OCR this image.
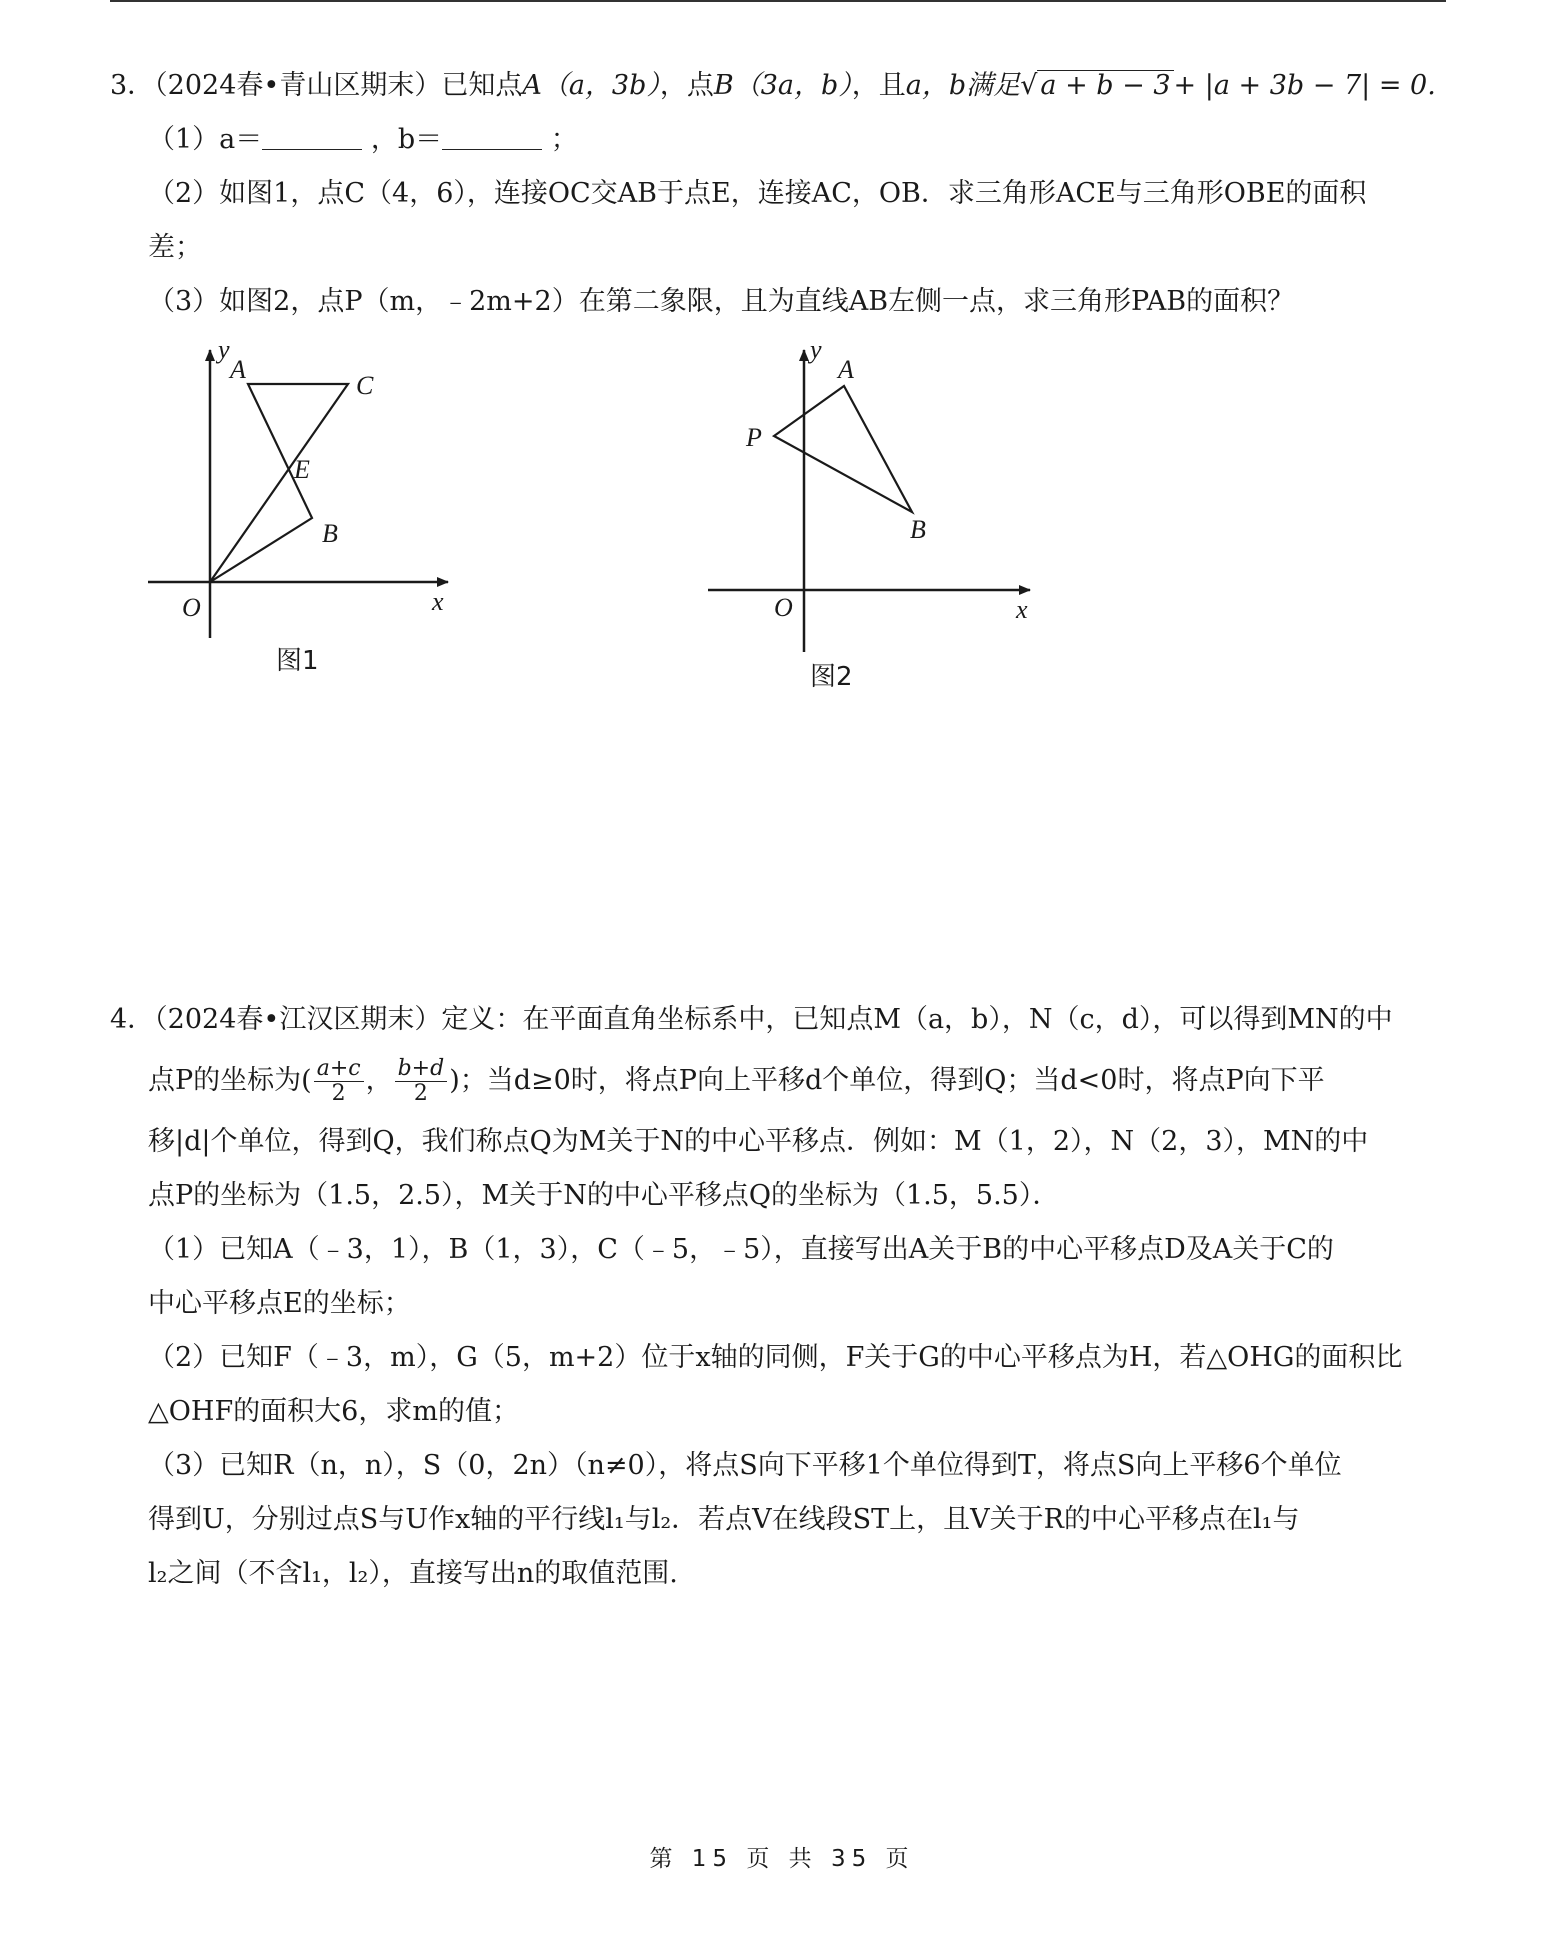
3．（2024春•青山区期末）已知点A（a，3b），点B（3a，b），且a，b满足√ a + b − 3 + |a + 3b − 7| = 0.
（1）a＝	，b＝	；
（2）如图1，点C（4，6），连接OC交AB于点E，连接AC，OB．求三角形ACE与三角形OBE的面积
差；
（3）如图2，点P（m，﹣2m+2）在第二象限，且为直线AB左侧一点，求三角形PAB的面积？
y
x
O
A
C
E
B
图1
y
x
O
A
P
B
图2
4．（2024春•江汉区期末）定义：在平面直角坐标系中，已知点M（a，b），N（c，d），可以得到MN的中
点P的坐标为( $\frac{a+c}{2}$ ， $\frac{b+d}{2}$ )；当d≥0时，将点P向上平移d个单位，得到Q；当d<0时，将点P向下平
移|d|个单位，得到Q，我们称点Q为M关于N的中心平移点．例如：M（1，2），N（2，3），MN的中
点P的坐标为（1.5，2.5），M关于N的中心平移点Q的坐标为（1.5，5.5）．
（1）已知A（﹣3，1），B（1，3），C（﹣5，﹣5），直接写出A关于B的中心平移点D及A关于C的
中心平移点E的坐标；
（2）已知F（﹣3，m），G（5，m+2）位于x轴的同侧，F关于G的中心平移点为H，若△OHG的面积比
△OHF的面积大6，求m的值；
（3）已知R（n，n），S（0，2n）（n≠0），将点S向下平移1个单位得到T，将点S向上平移6个单位
得到U，分别过点S与U作x轴的平行线l₁与l₂．若点V在线段ST上，且V关于R的中心平移点在l₁与
l₂之间（不含l₁，l₂），直接写出n的取值范围.
第 15 页 共 35 页
